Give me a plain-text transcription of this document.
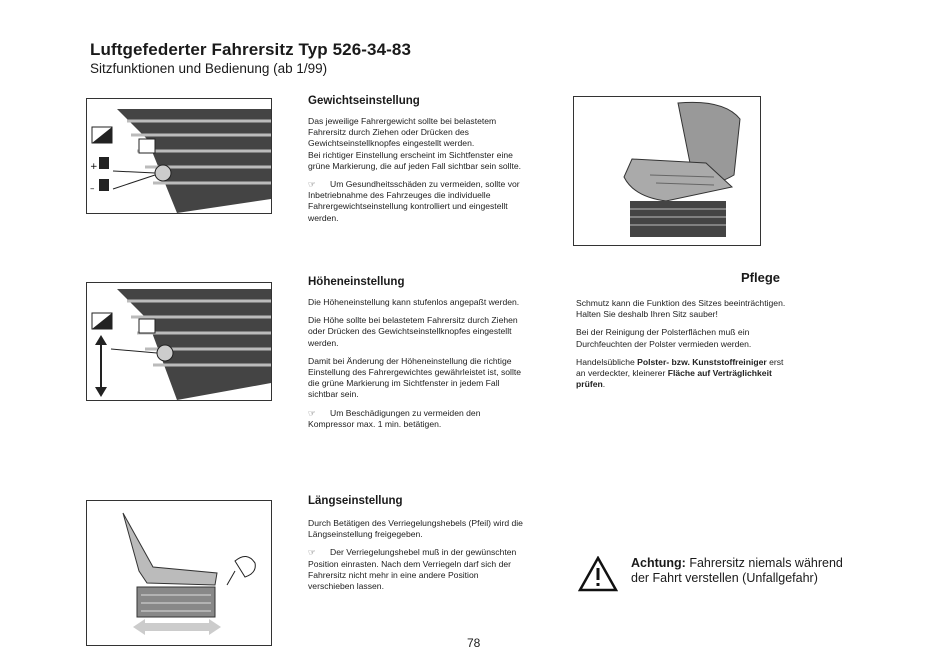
Luftgefederter Fahrersitz Typ 526-34-83
Sitzfunktionen und Bedienung (ab 1/99)
+
–
Gewichtseinstellung

Das jeweilige Fahrergewicht sollte bei belastetem Fahrersitz durch Ziehen oder Drücken des Gewichtseinstellknopfes eingestellt werden.
Bei richtiger Einstellung erscheint im Sichtfenster eine grüne Markierung, die auf jeden Fall sichtbar sein sollte.

☞ Um Gesundheitsschäden zu vermeiden, sollte vor Inbetriebnahme des Fahrzeuges die individuelle Fahrergewichtseinstellung kontrolliert und eingestellt werden.

Höheneinstellung

Die Höheneinstellung kann stufenlos angepaßt werden.

Die Höhe sollte bei belastetem Fahrersitz durch Ziehen oder Drücken des Gewichtseinstellknopfes eingestellt werden.

Damit bei Änderung der Höheneinstellung die richtige Einstellung des Fahrergewichtes gewährleistet ist, sollte die grüne Markierung im Sichtfenster in jedem Fall sichtbar sein.

☞ Um Beschädigungen zu vermeiden den Kompressor max. 1 min. betätigen.

Längseinstellung

Durch Betätigen des Verriegelungshebels (Pfeil) wird die Längseinstellung freigegeben.

☞ Der Verriegelungshebel muß in der gewünschten Position einrasten. Nach dem Verriegeln darf sich der Fahrersitz nicht mehr in eine andere Position verschieben lassen.

Pflege

Schmutz kann die Funktion des Sitzes beeinträchtigen.
Halten Sie deshalb Ihren Sitz sauber!

Bei der Reinigung der Polsterflächen muß ein Durchfeuchten der Polster vermieden werden.

Handelsübliche Polster- bzw. Kunststoffreiniger erst an verdeckter, kleinerer Fläche auf Verträglichkeit prüfen.

Achtung: Fahrersitz niemals während der Fahrt verstellen (Unfallgefahr)
78
